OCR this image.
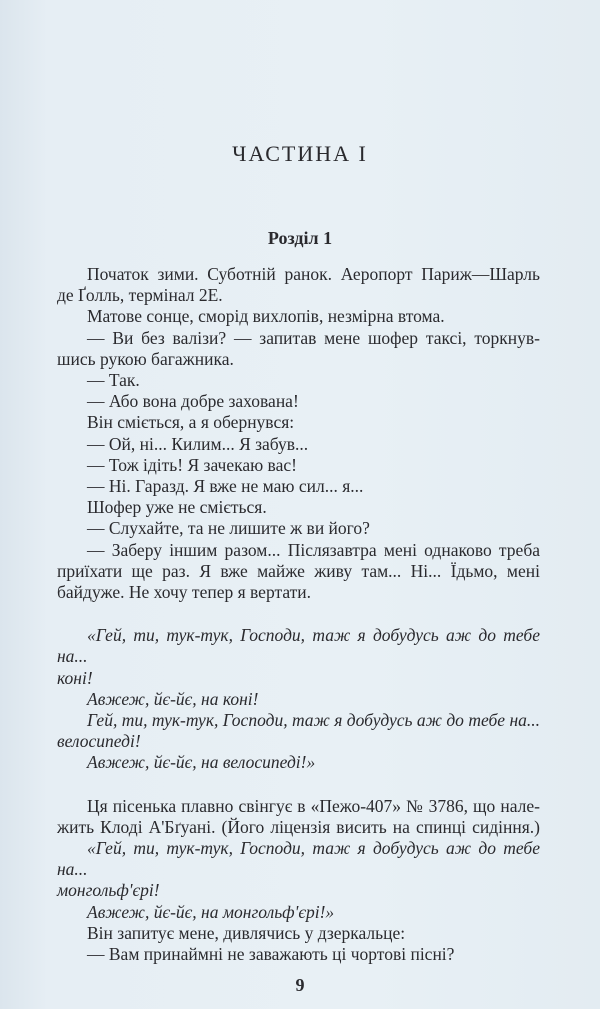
ЧАСТИНА I
Розділ 1
Початок зими. Суботній ранок. Аеропорт Париж—Шарль
де Ґолль, термінал 2Е.
Матове сонце, сморід вихлопів, незмірна втома.
— Ви без валізи? — запитав мене шофер таксі, торкнув-
шись рукою багажника.
— Так.
— Або вона добре захована!
Він сміється, а я обернувся:
— Ой, ні... Килим... Я забув...
— Тож ідіть! Я зачекаю вас!
— Ні. Гаразд. Я вже не маю сил... я...
Шофер уже не сміється.
— Слухайте, та не лишите ж ви його?
— Заберу іншим разом... Післязавтра мені однаково треба
приїхати ще раз. Я вже майже живу там... Ні... Їдьмо, мені
байдуже. Не хочу тепер я вертати.
«Гей, ти, тук-тук, Господи, таж я добудусь аж до тебе на...
коні!
Авжеж, йє-йє, на коні!
Гей, ти, тук-тук, Господи, таж я добудусь аж до тебе на...
велосипеді!
Авжеж, йє-йє, на велосипеді!»
Ця пісенька плавно свінгує в «Пежо-407» № 3786, що нале-
жить Клоді А'Бґуані. (Його ліцензія висить на спинці сидіння.)
«Гей, ти, тук-тук, Господи, таж я добудусь аж до тебе на...
монгольф'єрі!
Авжеж, йє-йє, на монгольф'єрі!»
Він запитує мене, дивлячись у дзеркальце:
— Вам принаймні не заважають ці чортові пісні?
9
